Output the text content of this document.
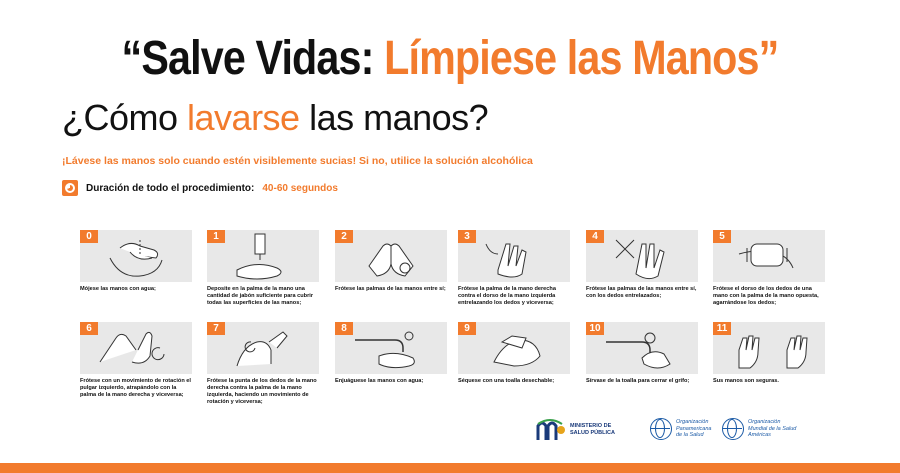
“Salve Vidas: Límpiese las Manos”
¿Cómo lavarse las manos?
¡Lávese las manos solo cuando estén visiblemente sucias! Si no, utilice la solución alcohólica
Duración de todo el procedimiento: 40-60 segundos
0
Mójese las manos con agua;
1
Deposite en la palma de la mano una cantidad de jabón suficiente para cubrir todas las superficies de las manos;
2
Frótese las palmas de las manos entre sí;
3
Frótese la palma de la mano derecha contra el dorso de la mano izquierda entrelazando los dedos y viceversa;
4
Frótese las palmas de las manos entre sí, con los dedos entrelazados;
5
Frótese el dorso de los dedos de una mano con la palma de la mano opuesta, agarrándose los dedos;
6
Frótese con un movimiento de rotación el pulgar izquierdo, atrapándolo con la palma de la mano derecha y viceversa;
7
Frótese la punta de los dedos de la mano derecha contra la palma de la mano izquierda, haciendo un movimiento de rotación y viceversa;
8
Enjuáguese las manos con agua;
9
Séquese con una toalla desechable;
10
Sírvase de la toalla para cerrar el grifo;
11
Sus manos son seguras.
MINISTERIO DE
SALUD PÚBLICA
Organización
Panamericana
de la Salud
Organización
Mundial de la Salud
Américas
